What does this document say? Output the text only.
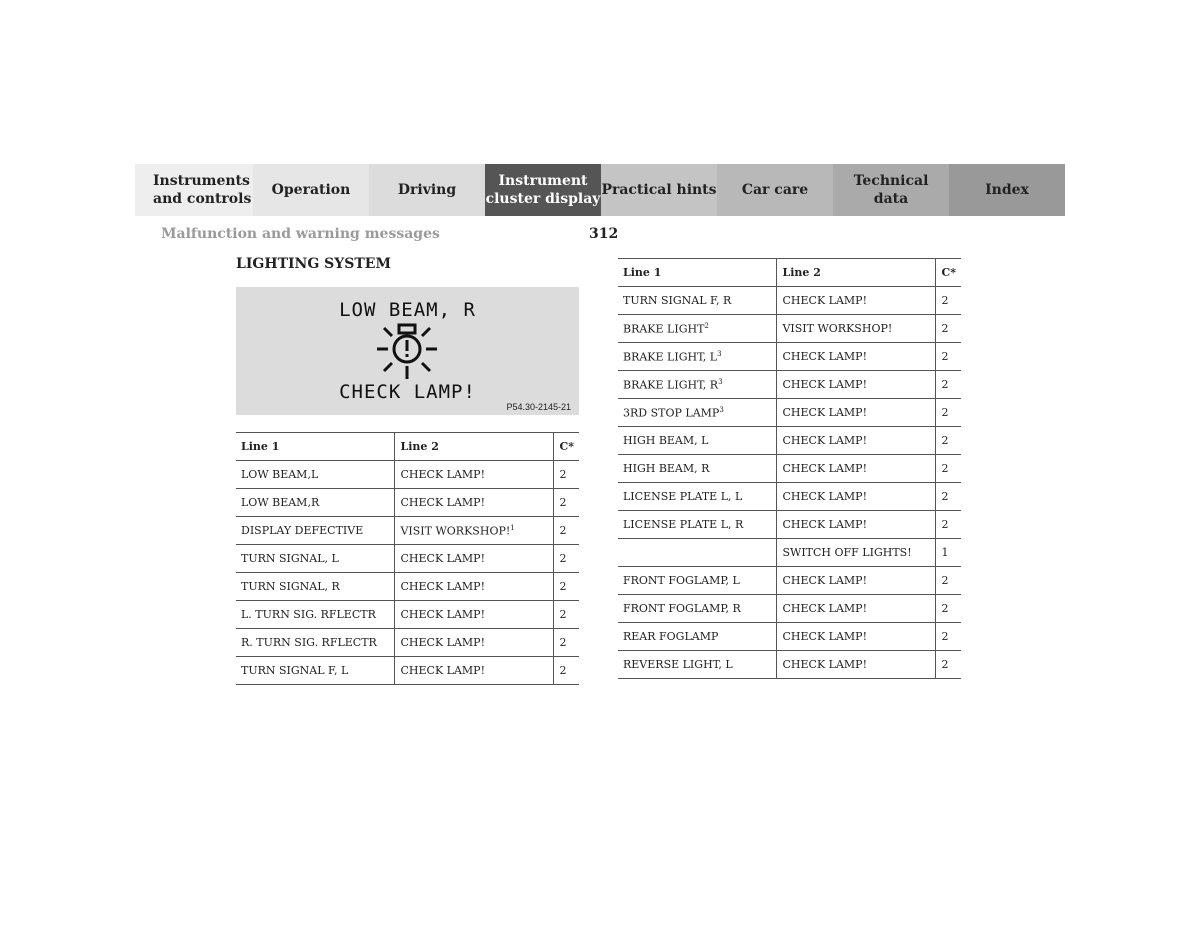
Instruments
and controls
Operation	Driving
Instrument
cluster display
Practical hints Car care
Technical
data
Index
Malfunction and warning messages	312
LIGHTING SYSTEM
LOW BEAM, R
CHECK LAMP!
P54.30-2145-21
Line 1	Line 2	C*
LOW BEAM,L	CHECK LAMP!	2
LOW BEAM,R	CHECK LAMP!	2
DISPLAY DEFECTIVE	VISIT WORKSHOP!$^1$	2
TURN SIGNAL, L	CHECK LAMP!	2
TURN SIGNAL, R	CHECK LAMP!	2
L. TURN SIG. RFLECTR	CHECK LAMP!	2
R. TURN SIG. RFLECTR	CHECK LAMP!	2
TURN SIGNAL F, L	CHECK LAMP!	2
Line 1	Line 2	C*
TURN SIGNAL F, R	CHECK LAMP!	2
BRAKE LIGHT$^2$	VISIT WORKSHOP!	2
BRAKE LIGHT, $L^3$	CHECK LAMP!	2
BRAKE LIGHT, $R^3$	CHECK LAMP!	2
3RD STOP LAMP$^3$	CHECK LAMP!	2
HIGH BEAM, L	CHECK LAMP!	2
HIGH BEAM, R	CHECK LAMP!	2
LICENSE PLATE L, L	CHECK LAMP!	2
LICENSE PLATE L, R	CHECK LAMP!	2
	SWITCH OFF LIGHTS!	1
FRONT FOGLAMP, L	CHECK LAMP!	2
FRONT FOGLAMP, R	CHECK LAMP!	2
REAR FOGLAMP	CHECK LAMP!	2
REVERSE LIGHT, L	CHECK LAMP!	2
